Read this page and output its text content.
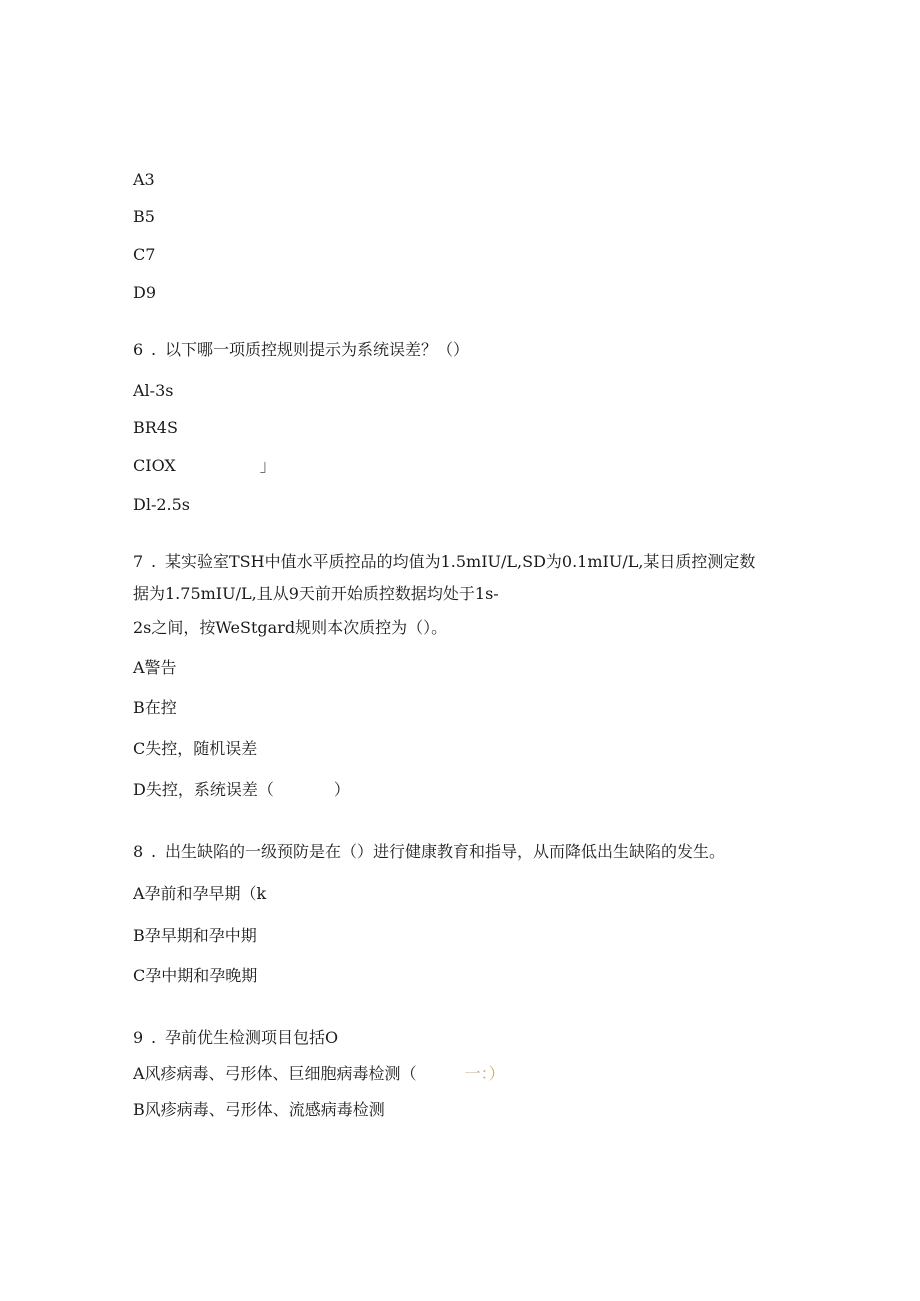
A3
B5
C7
D9
6 . 以下哪一项质控规则提示为系统误差？（）
Al-3s
BR4S
CIOX	」
Dl-2.5s
7 . 某实验室TSH中值水平质控品的均值为1.5mIU/L,SD为0.1mIU/L,某日质控测定数
据为1.75mIU/L,且从9天前开始质控数据均处于1s-
2s之间，按WeStgard规则本次质控为（）。
A警告
B在控
C失控，随机误差
D失控，系统误差（	）
8 . 出生缺陷的一级预防是在（）进行健康教育和指导，从而降低出生缺陷的发生。
A孕前和孕早期（k
B孕早期和孕中期
C孕中期和孕晚期
9 . 孕前优生检测项目包括O
A风疹病毒、弓形体、巨细胞病毒检测（	一：）
B风疹病毒、弓形体、流感病毒检测
